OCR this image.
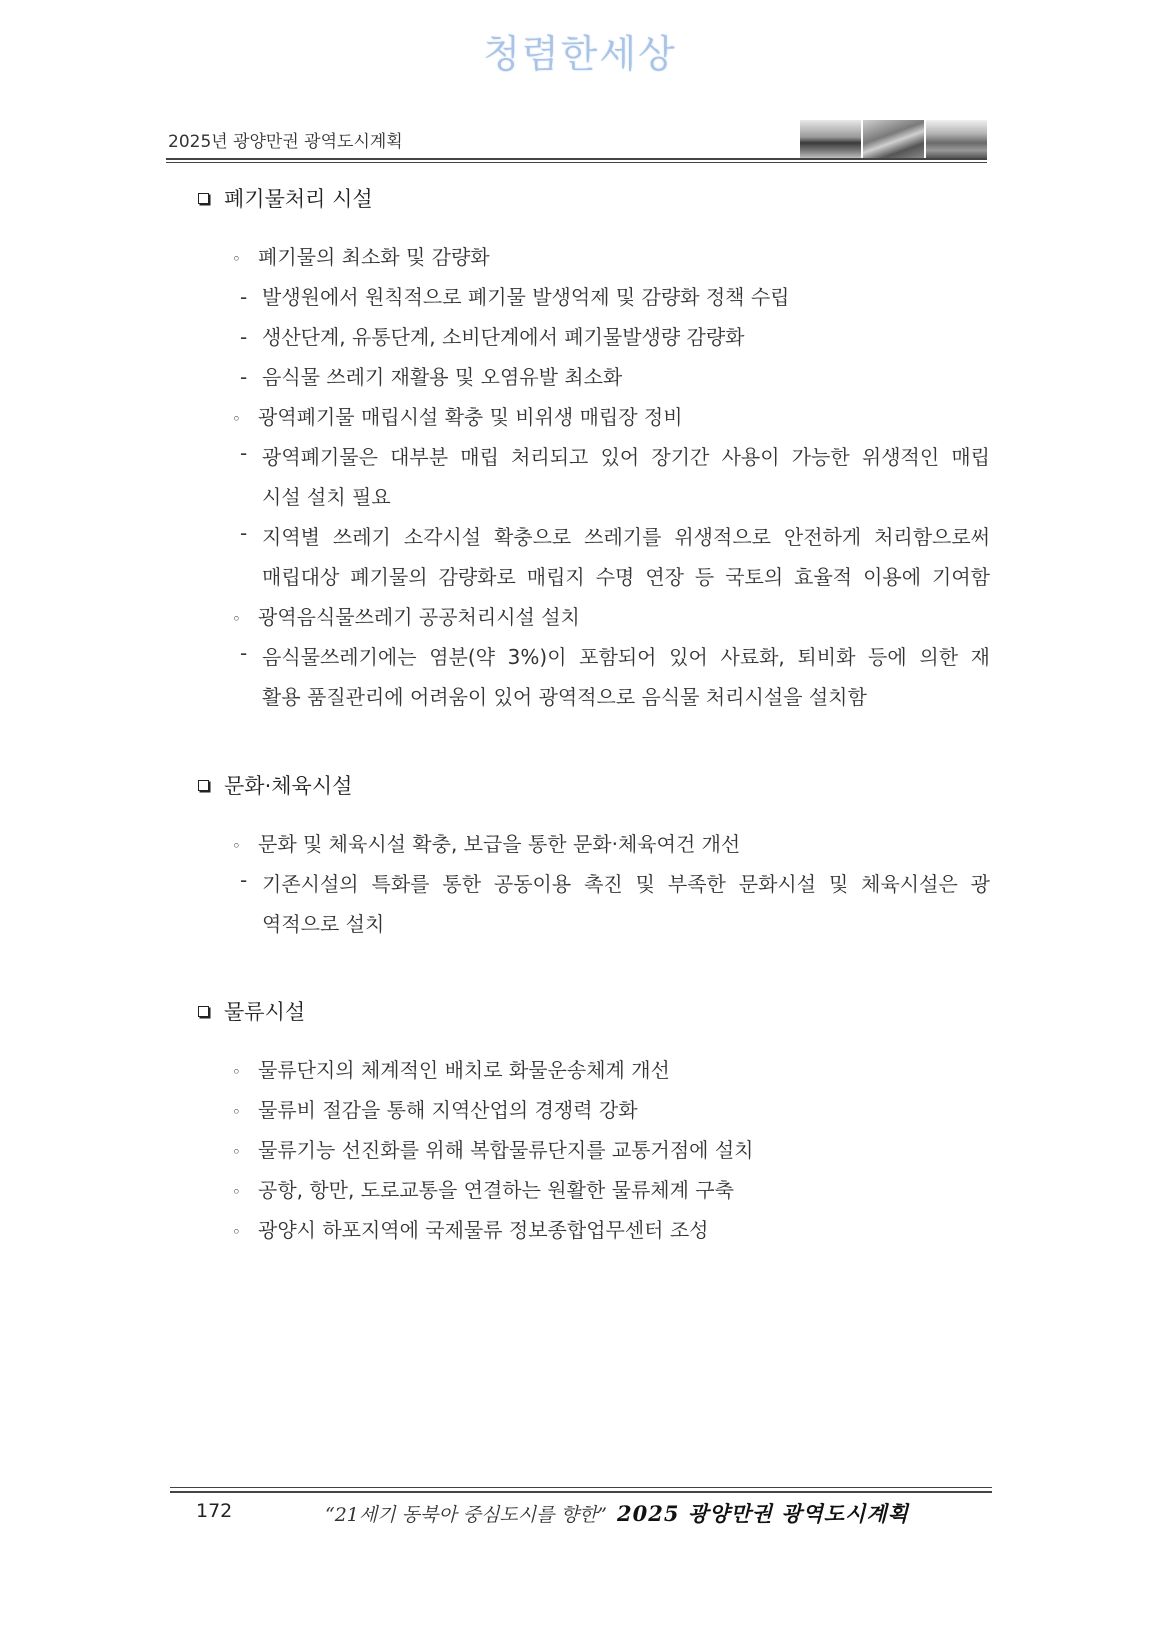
청렴한세상
2025년 광양만권 광역도시계획
폐기물처리 시설
◦ 폐기물의 최소화 및 감량화
- 발생원에서 원칙적으로 폐기물 발생억제 및 감량화 정책 수립
- 생산단계, 유통단계, 소비단계에서 폐기물발생량 감량화
- 음식물 쓰레기 재활용 및 오염유발 최소화
◦ 광역폐기물 매립시설 확충 및 비위생 매립장 정비
- 광역폐기물은 대부분 매립 처리되고 있어 장기간 사용이 가능한 위생적인 매립
시설 설치 필요
- 지역별 쓰레기 소각시설 확충으로 쓰레기를 위생적으로 안전하게 처리함으로써
매립대상 폐기물의 감량화로 매립지 수명 연장 등 국토의 효율적 이용에 기여함
◦ 광역음식물쓰레기 공공처리시설 설치
- 음식물쓰레기에는 염분(약 3%)이 포함되어 있어 사료화, 퇴비화 등에 의한 재
활용 품질관리에 어려움이 있어 광역적으로 음식물 처리시설을 설치함
문화·체육시설
◦ 문화 및 체육시설 확충, 보급을 통한 문화·체육여건 개선
- 기존시설의 특화를 통한 공동이용 촉진 및 부족한 문화시설 및 체육시설은 광
역적으로 설치
물류시설
◦ 물류단지의 체계적인 배치로 화물운송체계 개선
◦ 물류비 절감을 통해 지역산업의 경쟁력 강화
◦ 물류기능 선진화를 위해 복합물류단지를 교통거점에 설치
◦ 공항, 항만, 도로교통을 연결하는 원활한 물류체계 구축
◦ 광양시 하포지역에 국제물류 정보종합업무센터 조성
172	“21세기 동북아 중심도시를 향한” 2025 광양만권 광역도시계획
